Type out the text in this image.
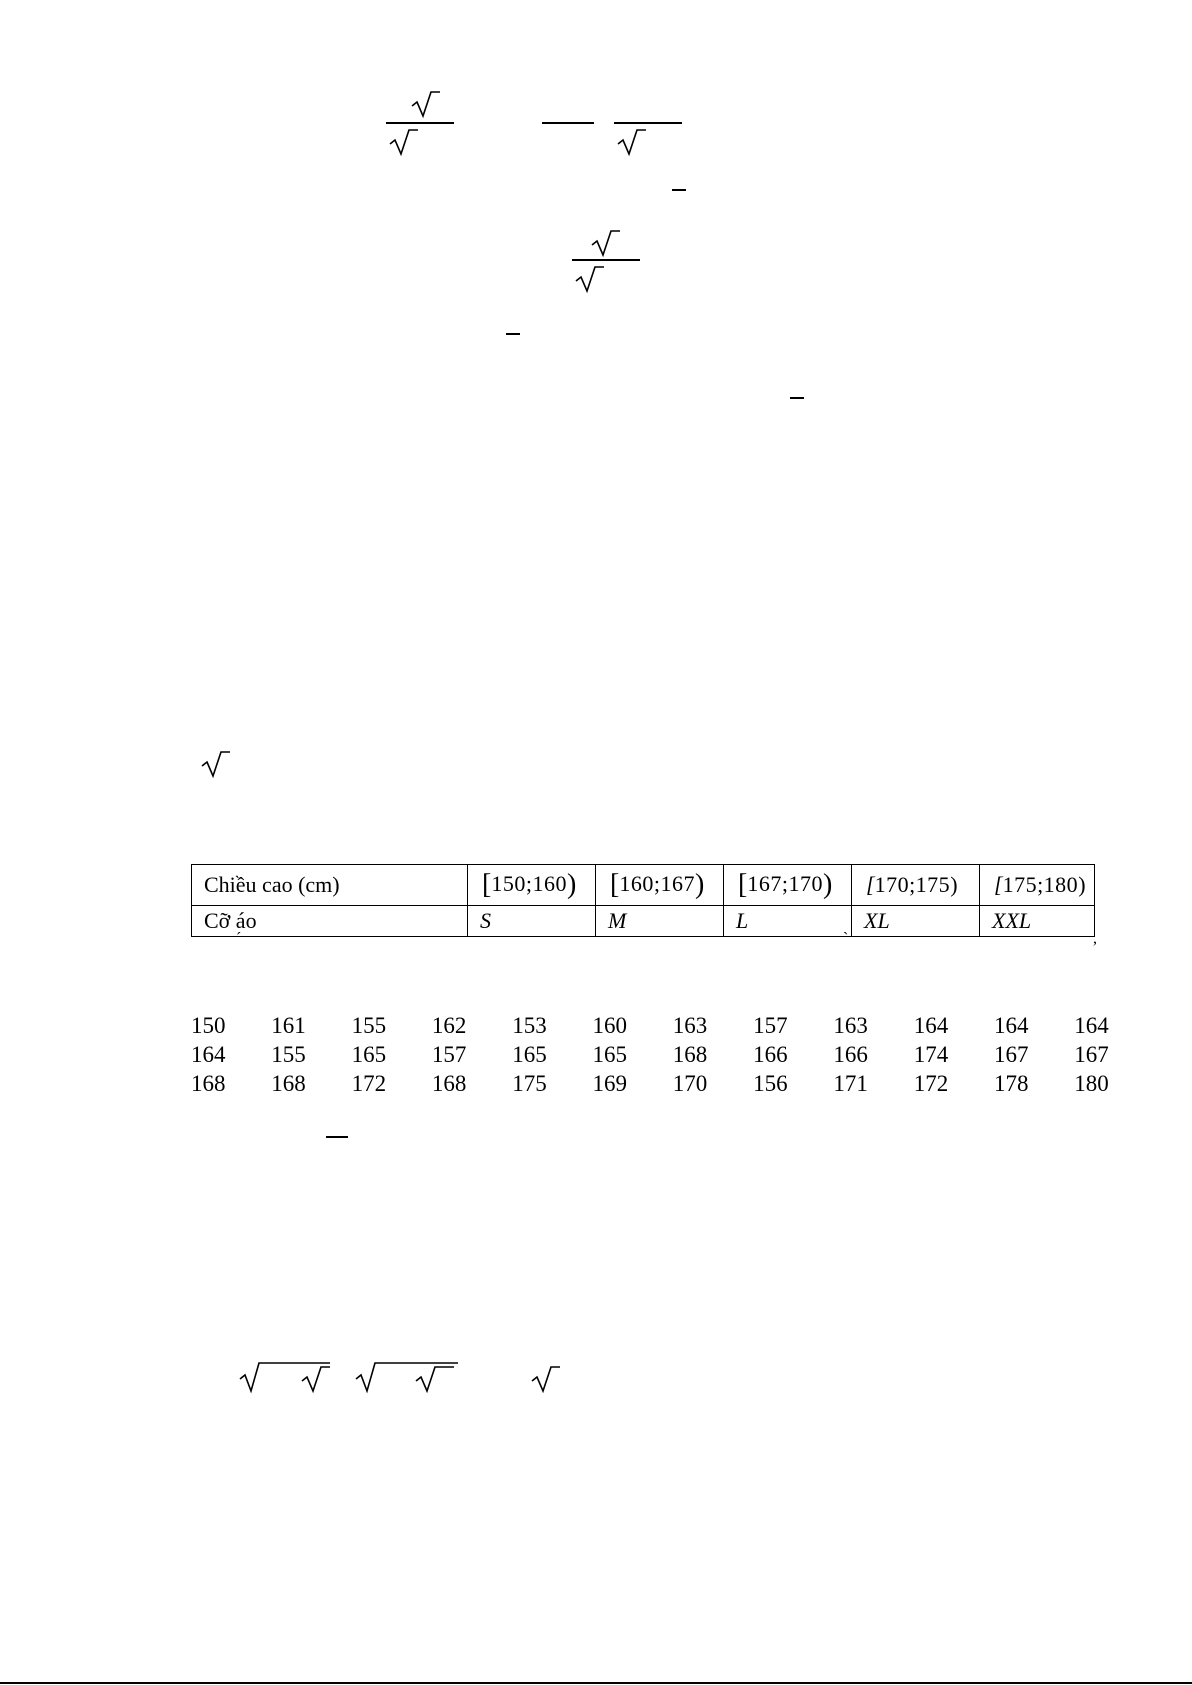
Chiều cao (cm)	[150;160)	[160;167)	[167;170)	[170;175)	[175;180)
Cỡ áo	S	M	L	XL	XXL
´	`	,
150 161 155 162 153 160 163 157 163 164 164 164
164 155 165 157 165 165 168 166 166 174 167 167
168 168 172 168 175 169 170 156 171 172 178 180
